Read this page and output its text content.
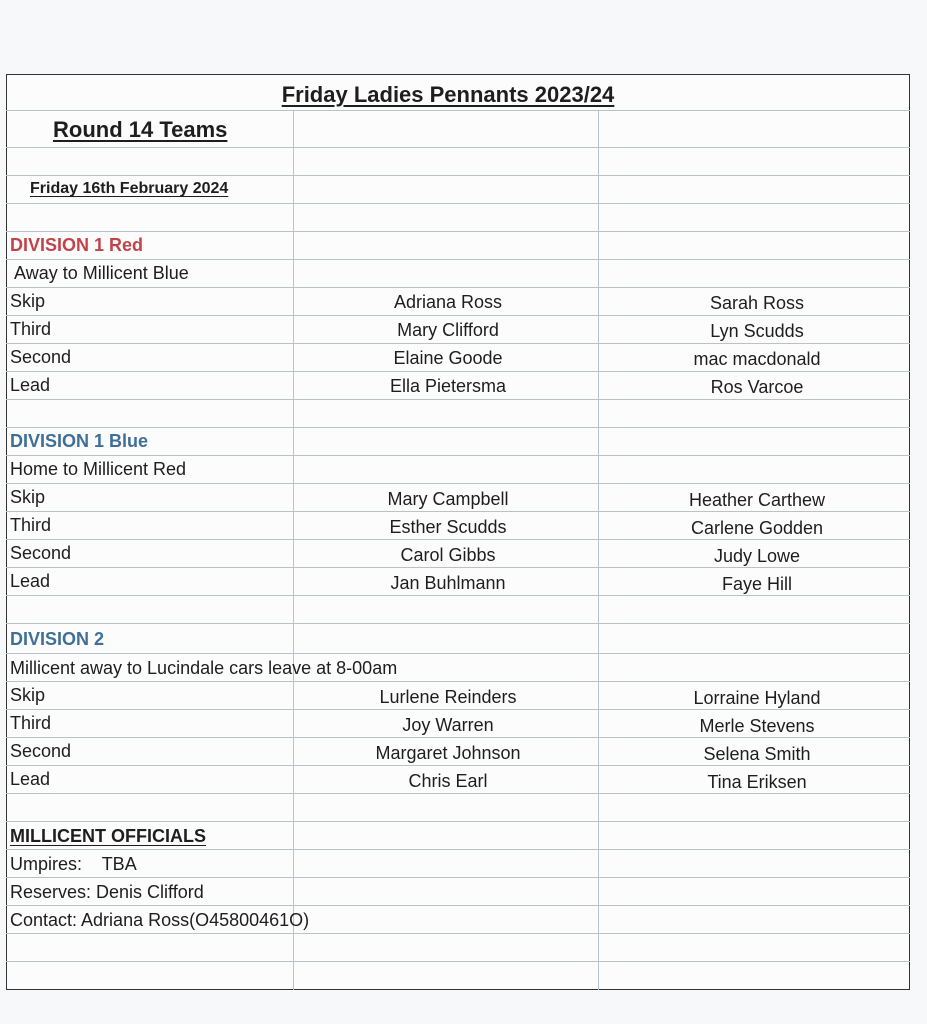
Friday Ladies Pennants 2023/24
Round 14 Teams
Friday 16th February 2024
DIVISION 1 Red
Away to Millicent Blue
Skip	Adriana Ross	Sarah Ross
Third	Mary Clifford	Lyn Scudds
Second	Elaine Goode	mac macdonald
Lead	Ella Pietersma	Ros Varcoe
DIVISION 1 Blue
Home to Millicent Red
Skip	Mary Campbell	Heather Carthew
Third	Esther Scudds	Carlene Godden
Second	Carol Gibbs	Judy Lowe
Lead	Jan Buhlmann	Faye Hill
DIVISION 2
Millicent away to Lucindale cars leave at 8-00am
Skip	Lurlene Reinders	Lorraine Hyland
Third	Joy Warren	Merle Stevens
Second	Margaret Johnson	Selena Smith
Lead	Chris Earl	Tina Eriksen
MILLICENT OFFICIALS
Umpires:    TBA
Reserves: Denis Clifford
Contact: Adriana Ross(O45800461O)
